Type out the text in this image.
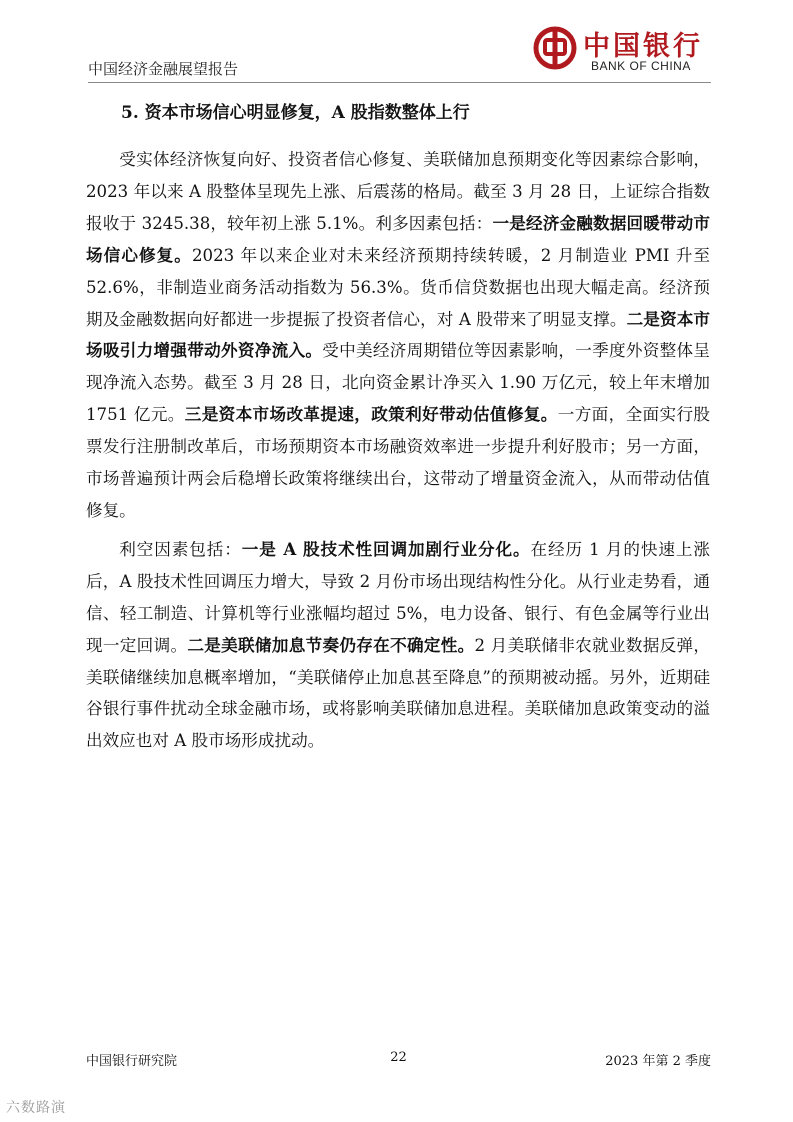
中国经济金融展望报告
中国银行
BANK OF CHINA
5. 资本市场信心明显修复，A 股指数整体上行

受实体经济恢复向好、投资者信心修复、美联储加息预期变化等因素综合影响，2023 年以来 A 股整体呈现先上涨、后震荡的格局。截至 3 月 28 日，上证综合指数报收于 3245.38，较年初上涨 5.1%。利多因素包括：一是经济金融数据回暖带动市场信心修复。2023 年以来企业对未来经济预期持续转暖，2 月制造业 PMI 升至 52.6%，非制造业商务活动指数为 56.3%。货币信贷数据也出现大幅走高。经济预期及金融数据向好都进一步提振了投资者信心，对 A 股带来了明显支撑。二是资本市场吸引力增强带动外资净流入。受中美经济周期错位等因素影响，一季度外资整体呈现净流入态势。截至 3 月 28 日，北向资金累计净买入 1.90 万亿元，较上年末增加 1751 亿元。三是资本市场改革提速，政策利好带动估值修复。一方面，全面实行股票发行注册制改革后，市场预期资本市场融资效率进一步提升利好股市；另一方面，市场普遍预计两会后稳增长政策将继续出台，这带动了增量资金流入，从而带动估值修复。

利空因素包括：一是 A 股技术性回调加剧行业分化。在经历 1 月的快速上涨后，A 股技术性回调压力增大，导致 2 月份市场出现结构性分化。从行业走势看，通信、轻工制造、计算机等行业涨幅均超过 5%，电力设备、银行、有色金属等行业出现一定回调。二是美联储加息节奏仍存在不确定性。2 月美联储非农就业数据反弹，美联储继续加息概率增加，“美联储停止加息甚至降息”的预期被动摇。另外，近期硅谷银行事件扰动全球金融市场，或将影响美联储加息进程。美联储加息政策变动的溢出效应也对 A 股市场形成扰动。

中国银行研究院	22	2023 年第 2 季度
六数路演
